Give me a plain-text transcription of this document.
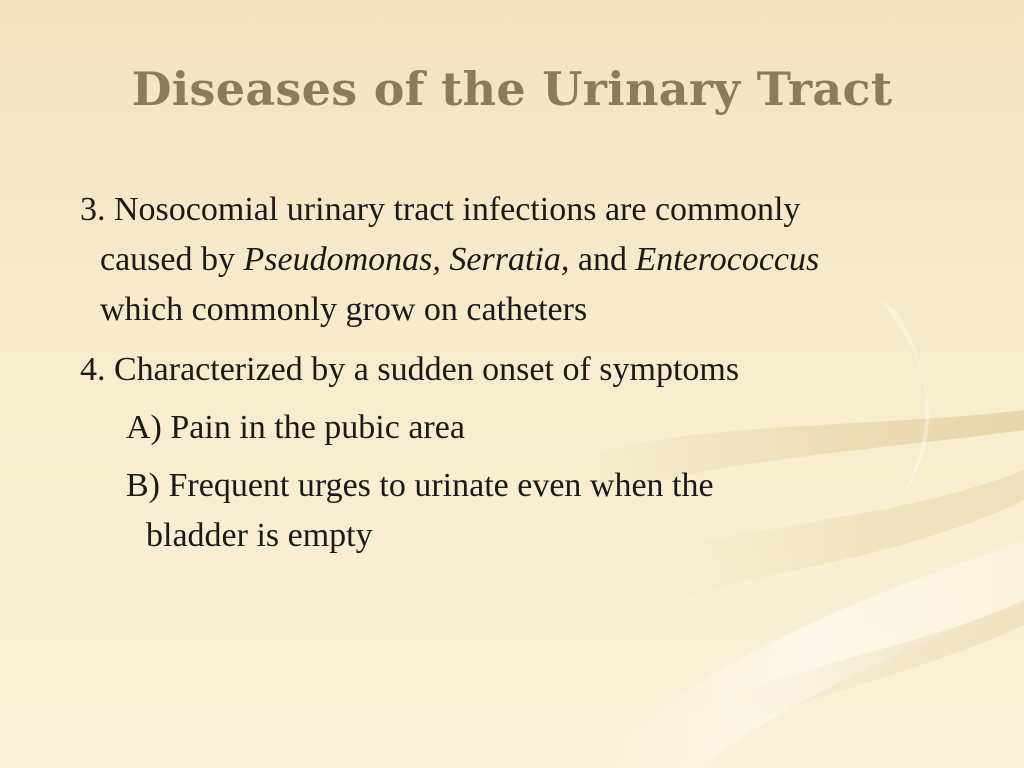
Diseases of the Urinary Tract
3. Nosocomial urinary tract infections are commonly
caused by Pseudomonas, Serratia, and Enterococcus
which commonly grow on catheters
4. Characterized by a sudden onset of symptoms
A) Pain in the pubic area
B) Frequent urges to urinate even when the
bladder is empty
